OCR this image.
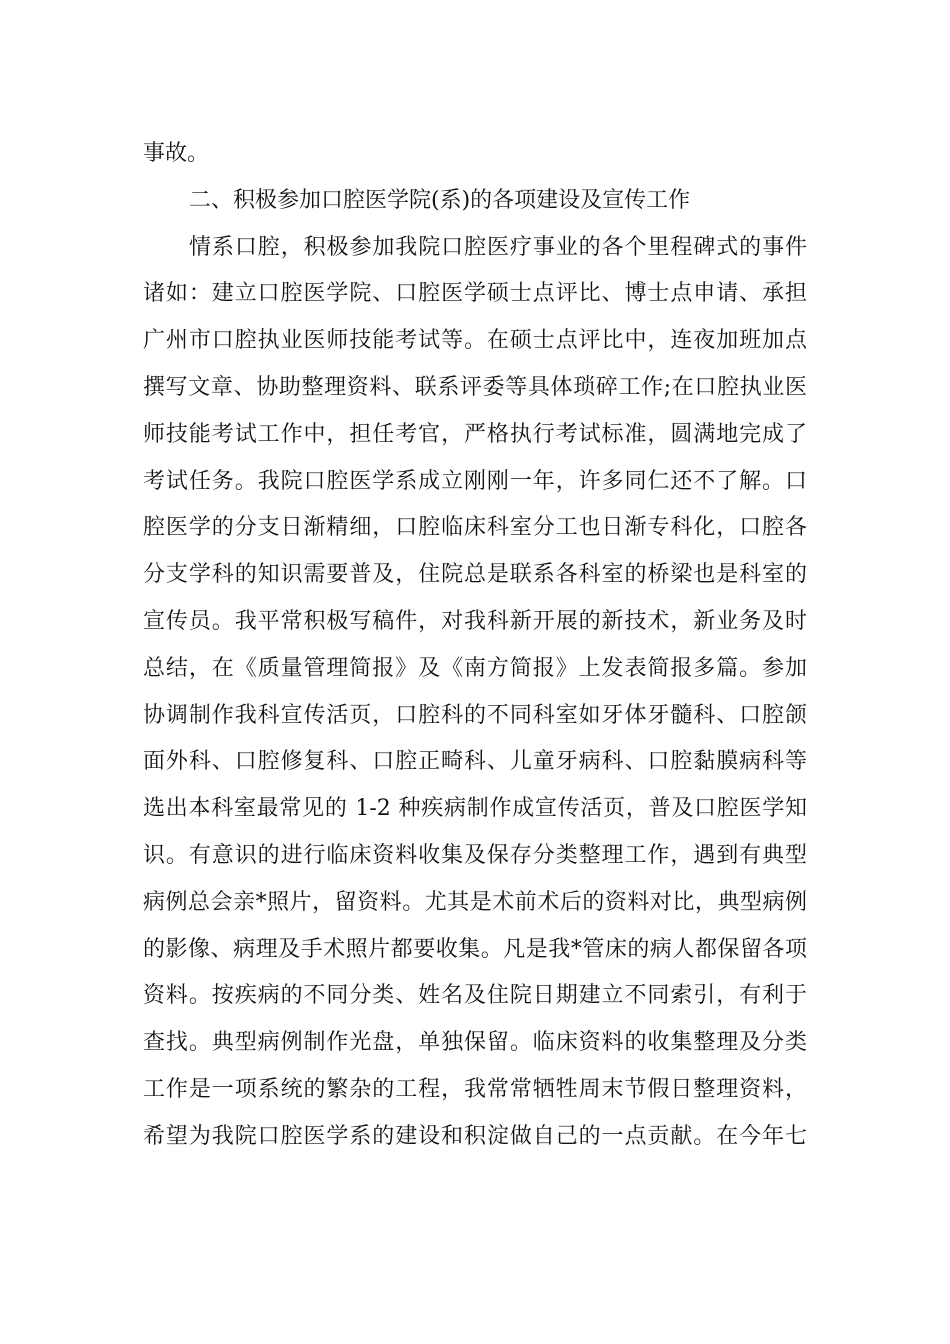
事故。
二、积极参加口腔医学院(系)的各项建设及宣传工作
情系口腔，积极参加我院口腔医疗事业的各个里程碑式的事件
诸如：建立口腔医学院、口腔医学硕士点评比、博士点申请、承担
广州市口腔执业医师技能考试等。在硕士点评比中，连夜加班加点
撰写文章、协助整理资料、联系评委等具体琐碎工作;在口腔执业医
师技能考试工作中，担任考官，严格执行考试标准，圆满地完成了
考试任务。我院口腔医学系成立刚刚一年，许多同仁还不了解。口
腔医学的分支日渐精细，口腔临床科室分工也日渐专科化，口腔各
分支学科的知识需要普及，住院总是联系各科室的桥梁也是科室的
宣传员。我平常积极写稿件，对我科新开展的新技术，新业务及时
总结，在《质量管理简报》及《南方简报》上发表简报多篇。参加
协调制作我科宣传活页，口腔科的不同科室如牙体牙髓科、口腔颌
面外科、口腔修复科、口腔正畸科、儿童牙病科、口腔黏膜病科等
选出本科室最常见的 1-2 种疾病制作成宣传活页，普及口腔医学知
识。有意识的进行临床资料收集及保存分类整理工作，遇到有典型
病例总会亲*照片，留资料。尤其是术前术后的资料对比，典型病例
的影像、病理及手术照片都要收集。凡是我*管床的病人都保留各项
资料。按疾病的不同分类、姓名及住院日期建立不同索引，有利于
查找。典型病例制作光盘，单独保留。临床资料的收集整理及分类
工作是一项系统的繁杂的工程，我常常牺牲周末节假日整理资料，
希望为我院口腔医学系的建设和积淀做自己的一点贡献。在今年七
